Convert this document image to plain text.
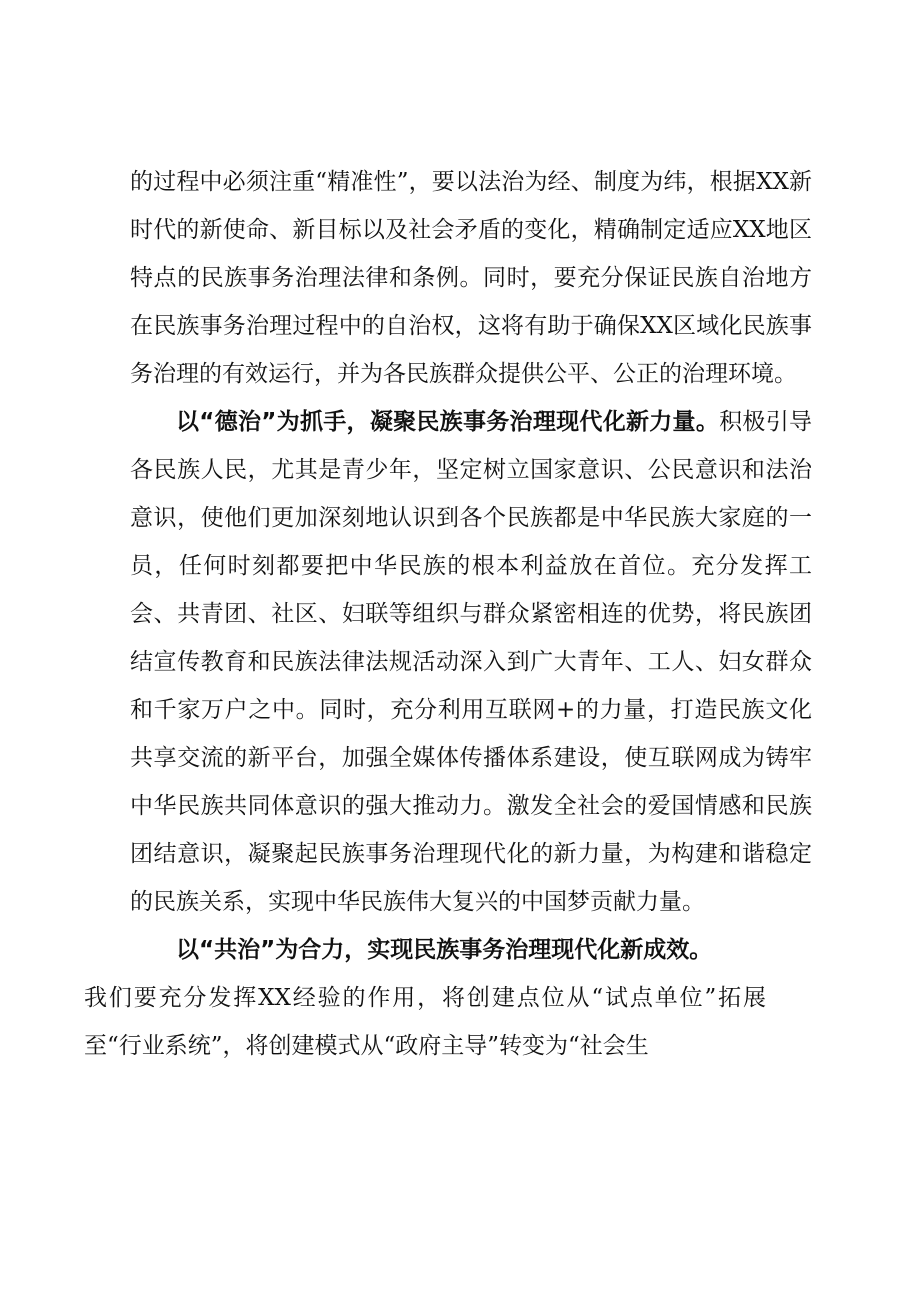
的过程中必须注重“精准性”，要以法治为经、制度为纬，根据XX新时代的新使命、新目标以及社会矛盾的变化，精确制定适应XX地区特点的民族事务治理法律和条例。同时，要充分保证民族自治地方在民族事务治理过程中的自治权，这将有助于确保XX区域化民族事务治理的有效运行，并为各民族群众提供公平、公正的治理环境。

以“德治”为抓手，凝聚民族事务治理现代化新力量。积极引导各民族人民，尤其是青少年，坚定树立国家意识、公民意识和法治意识，使他们更加深刻地认识到各个民族都是中华民族大家庭的一员，任何时刻都要把中华民族的根本利益放在首位。充分发挥工会、共青团、社区、妇联等组织与群众紧密相连的优势，将民族团结宣传教育和民族法律法规活动深入到广大青年、工人、妇女群众和千家万户之中。同时，充分利用互联网+的力量，打造民族文化共享交流的新平台，加强全媒体传播体系建设，使互联网成为铸牢中华民族共同体意识的强大推动力。激发全社会的爱国情感和民族团结意识，凝聚起民族事务治理现代化的新力量，为构建和谐稳定的民族关系，实现中华民族伟大复兴的中国梦贡献力量。

以“共治”为合力，实现民族事务治理现代化新成效。
我们要充分发挥XX经验的作用，将创建点位从“试点单位”拓展至“行业系统”，将创建模式从“政府主导”转变为“社会生
